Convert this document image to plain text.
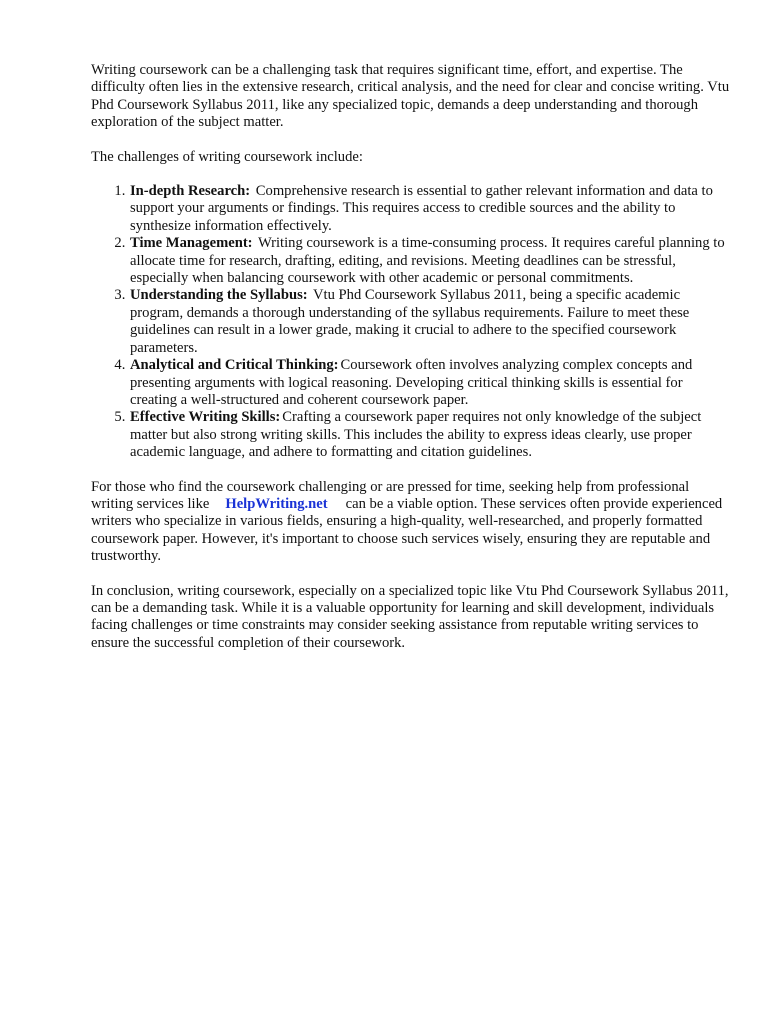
Writing coursework can be a challenging task that requires significant time, effort, and expertise. The difficulty often lies in the extensive research, critical analysis, and the need for clear and concise writing. Vtu Phd Coursework Syllabus 2011, like any specialized topic, demands a deep understanding and thorough exploration of the subject matter.

The challenges of writing coursework include:

1. In-depth Research: Comprehensive research is essential to gather relevant information and data to support your arguments or findings. This requires access to credible sources and the ability to synthesize information effectively.
2. Time Management: Writing coursework is a time-consuming process. It requires careful planning to allocate time for research, drafting, editing, and revisions. Meeting deadlines can be stressful, especially when balancing coursework with other academic or personal commitments.
3. Understanding the Syllabus: Vtu Phd Coursework Syllabus 2011, being a specific academic program, demands a thorough understanding of the syllabus requirements. Failure to meet these guidelines can result in a lower grade, making it crucial to adhere to the specified coursework parameters.
4. Analytical and Critical Thinking: Coursework often involves analyzing complex concepts and presenting arguments with logical reasoning. Developing critical thinking skills is essential for creating a well-structured and coherent coursework paper.
5. Effective Writing Skills: Crafting a coursework paper requires not only knowledge of the subject matter but also strong writing skills. This includes the ability to express ideas clearly, use proper academic language, and adhere to formatting and citation guidelines.

For those who find the coursework challenging or are pressed for time, seeking help from professional writing services like HelpWriting.net can be a viable option. These services often provide experienced writers who specialize in various fields, ensuring a high-quality, well-researched, and properly formatted coursework paper. However, it's important to choose such services wisely, ensuring they are reputable and trustworthy.

In conclusion, writing coursework, especially on a specialized topic like Vtu Phd Coursework Syllabus 2011, can be a demanding task. While it is a valuable opportunity for learning and skill development, individuals facing challenges or time constraints may consider seeking assistance from reputable writing services to ensure the successful completion of their coursework.
